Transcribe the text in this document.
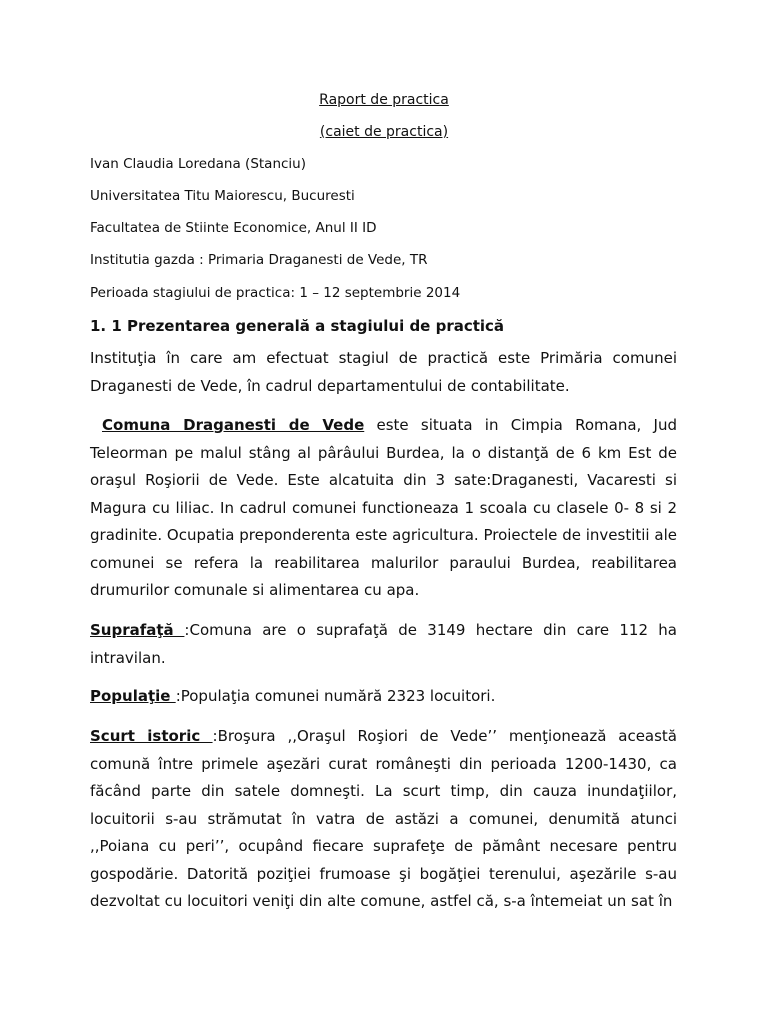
Raport de practica
(caiet de practica)
Ivan Claudia Loredana (Stanciu)
Universitatea Titu Maiorescu, Bucuresti
Facultatea de Stiinte Economice, Anul II ID
Institutia gazda : Primaria Draganesti de Vede, TR
Perioada stagiului de practica: 1 – 12 septembrie 2014
1. 1 Prezentarea generală a stagiului de practică
Instituţia în care am efectuat stagiul de practică este Primăria comunei Draganesti de Vede, în cadrul departamentului de contabilitate.
Comuna Draganesti de Vede este situata in Cimpia Romana, Jud Teleorman pe malul stâng al pârâului Burdea, la o distanţă de 6 km Est de oraşul Roşiorii de Vede. Este alcatuita din 3 sate:Draganesti, Vacaresti si Magura cu liliac. In cadrul comunei functioneaza 1 scoala cu clasele 0- 8 si 2 gradinite. Ocupatia preponderenta este agricultura. Proiectele de investitii ale comunei se refera la reabilitarea malurilor paraului Burdea, reabilitarea drumurilor comunale si alimentarea cu apa.
Suprafaţă :Comuna are o suprafaţă de 3149 hectare din care 112 ha intravilan.
Populaţie :Populaţia comunei numără 2323 locuitori.
Scurt istoric :Broşura ,,Oraşul Roşiori de Vede’’ menţionează această comună între primele aşezări curat româneşti din perioada 1200-1430, ca făcând parte din satele domneşti. La scurt timp, din cauza inundaţiilor, locuitorii s-au strămutat în vatra de astăzi a comunei, denumită atunci ,,Poiana cu peri’’, ocupând fiecare suprafeţe de pământ necesare pentru gospodărie. Datorită poziţiei frumoase şi bogăţiei terenului, aşezările s-au dezvoltat cu locuitori veniţi din alte comune, astfel că, s-a întemeiat un sat în
